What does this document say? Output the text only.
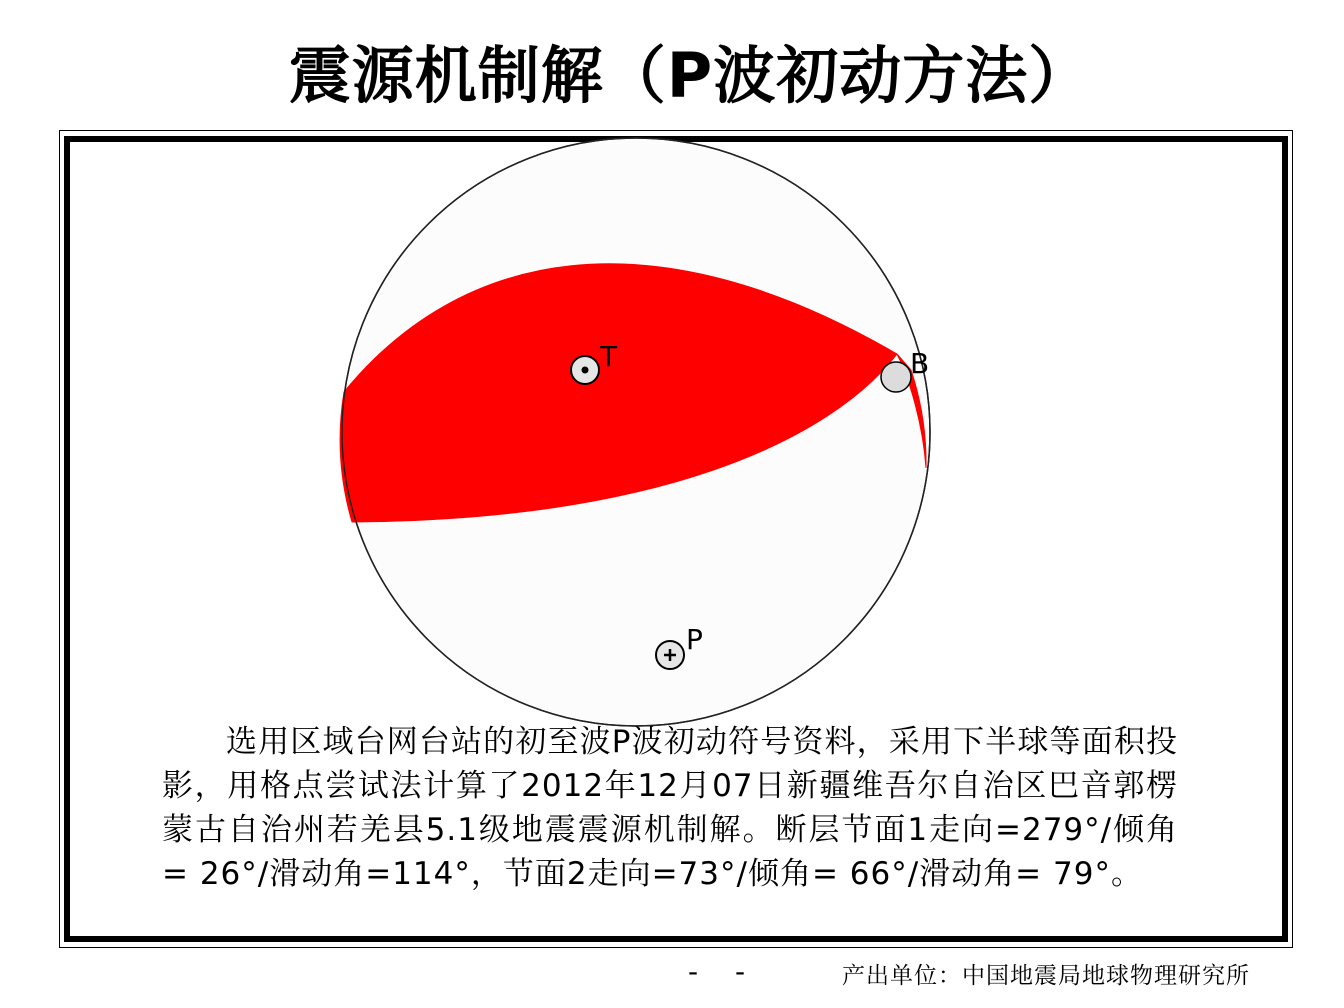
震源机制解（P波初动方法）
T	B
P
选用区域台网台站的初至波P波初动符号资料，采用下半球等面积投影，用格点尝试法计算了2012年12月07日新疆维吾尔自治区巴音郭楞蒙古自治州若羌县5.1级地震震源机制解。断层节面1走向=279°/倾角= 26°/滑动角=114°，节面2走向=73°/倾角= 66°/滑动角= 79°。
- -	产出单位：中国地震局地球物理研究所
